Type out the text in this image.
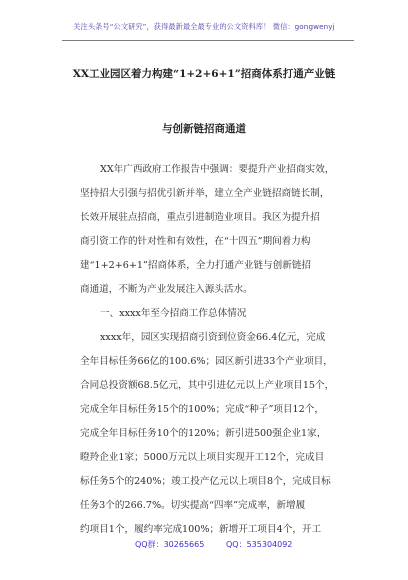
关注头条号“公文研究”，获得最新最全最专业的公文资料库！ 微信：gongwenyj
XX工业园区着力构建“1+2+6+1”招商体系打通产业链
与创新链招商通道
XX年广西政府工作报告中强调：要提升产业招商实效，
坚持招大引强与招优引新并举，建立全产业链招商链长制，
长效开展驻点招商，重点引进制造业项目。我区为提升招
商引资工作的针对性和有效性，在“十四五”期间着力构
建“1+2+6+1”招商体系，全力打通产业链与创新链招
商通道，不断为产业发展注入源头活水。
一、xxxx年至今招商工作总体情况
xxxx年，园区实现招商引资到位资金66.4亿元，完成
全年目标任务66亿的100.6%；园区新引进33个产业项目，
合同总投资额68.5亿元，其中引进亿元以上产业项目15个，
完成全年目标任务15个的100%；完成“种子”项目12个，
完成全年目标任务10个的120%；新引进500强企业1家，
瞪羚企业1家；5000万元以上项目实现开工12个，完成目
标任务5个的240%；竣工投产亿元以上项目8个，完成目标
任务3个的266.7%。切实提高“四率”完成率，新增履
约项目1个，履约率完成100%；新增开工项目4个，开工
QQ群：30265665	QQ：535304092
